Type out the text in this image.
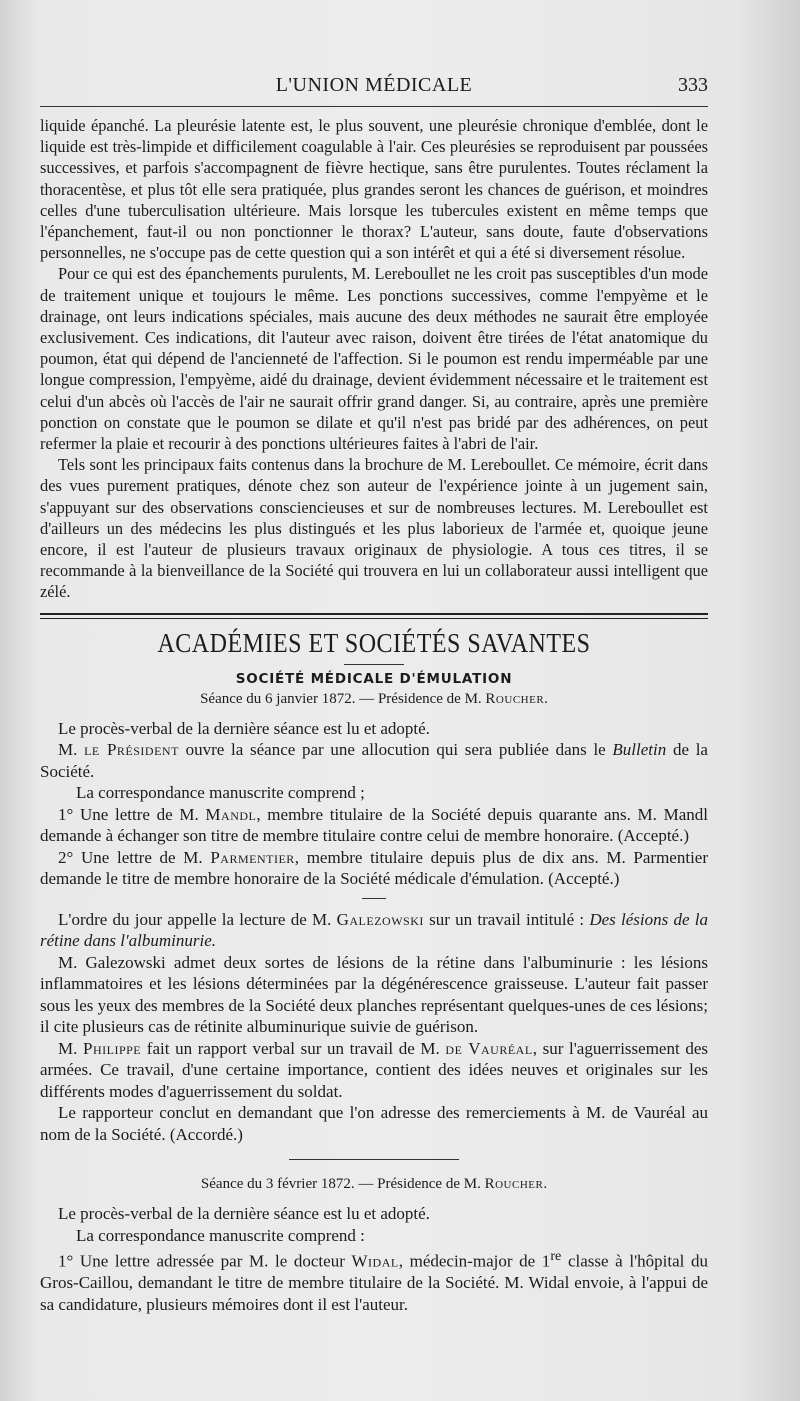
L'UNION MÉDICALE	333

liquide épanché. La pleurésie latente est, le plus souvent, une pleurésie chronique d'emblée, dont le liquide est très-limpide et difficilement coagulable à l'air. Ces pleurésies se reproduisent par poussées successives, et parfois s'accompagnent de fièvre hectique, sans être purulentes. Toutes réclament la thoracentèse, et plus tôt elle sera pratiquée, plus grandes seront les chances de guérison, et moindres celles d'une tuberculisation ultérieure. Mais lorsque les tubercules existent en même temps que l'épanchement, faut-il ou non ponctionner le thorax? L'auteur, sans doute, faute d'observations personnelles, ne s'occupe pas de cette question qui a son intérêt et qui a été si diversement résolue.

Pour ce qui est des épanchements purulents, M. Lereboullet ne les croit pas susceptibles d'un mode de traitement unique et toujours le même. Les ponctions successives, comme l'empyème et le drainage, ont leurs indications spéciales, mais aucune des deux méthodes ne saurait être employée exclusivement. Ces indications, dit l'auteur avec raison, doivent être tirées de l'état anatomique du poumon, état qui dépend de l'ancienneté de l'affection. Si le poumon est rendu imperméable par une longue compression, l'empyème, aidé du drainage, devient évidemment nécessaire et le traitement est celui d'un abcès où l'accès de l'air ne saurait offrir grand danger. Si, au contraire, après une première ponction on constate que le poumon se dilate et qu'il n'est pas bridé par des adhérences, on peut refermer la plaie et recourir à des ponctions ultérieures faites à l'abri de l'air.

Tels sont les principaux faits contenus dans la brochure de M. Lereboullet. Ce mémoire, écrit dans des vues purement pratiques, dénote chez son auteur de l'expérience jointe à un jugement sain, s'appuyant sur des observations consciencieuses et sur de nombreuses lectures. M. Lereboullet est d'ailleurs un des médecins les plus distingués et les plus laborieux de l'armée et, quoique jeune encore, il est l'auteur de plusieurs travaux originaux de physiologie. A tous ces titres, il se recommande à la bienveillance de la Société qui trouvera en lui un collaborateur aussi intelligent que zélé.

ACADÉMIES ET SOCIÉTÉS SAVANTES
SOCIÉTÉ MÉDICALE D'ÉMULATION
Séance du 6 janvier 1872. — Présidence de M. Roucher.

Le procès-verbal de la dernière séance est lu et adopté.

M. le Président ouvre la séance par une allocution qui sera publiée dans le Bulletin de la Société.

La correspondance manuscrite comprend ;

1° Une lettre de M. Mandl, membre titulaire de la Société depuis quarante ans. M. Mandl demande à échanger son titre de membre titulaire contre celui de membre honoraire. (Accepté.)

2° Une lettre de M. Parmentier, membre titulaire depuis plus de dix ans. M. Parmentier demande le titre de membre honoraire de la Société médicale d'émulation. (Accepté.)

L'ordre du jour appelle la lecture de M. Galezowski sur un travail intitulé : Des lésions de la rétine dans l'albuminurie.

M. Galezowski admet deux sortes de lésions de la rétine dans l'albuminurie : les lésions inflammatoires et les lésions déterminées par la dégénérescence graisseuse. L'auteur fait passer sous les yeux des membres de la Société deux planches représentant quelques-unes de ces lésions; il cite plusieurs cas de rétinite albuminurique suivie de guérison.

M. Philippe fait un rapport verbal sur un travail de M. de Vauréal, sur l'aguerrissement des armées. Ce travail, d'une certaine importance, contient des idées neuves et originales sur les différents modes d'aguerrissement du soldat.

Le rapporteur conclut en demandant que l'on adresse des remerciements à M. de Vauréal au nom de la Société. (Accordé.)

Séance du 3 février 1872. — Présidence de M. Roucher.

Le procès-verbal de la dernière séance est lu et adopté.

La correspondance manuscrite comprend :

1° Une lettre adressée par M. le docteur Widal, médecin-major de 1re classe à l'hôpital du Gros-Caillou, demandant le titre de membre titulaire de la Société. M. Widal envoie, à l'appui de sa candidature, plusieurs mémoires dont il est l'auteur.
